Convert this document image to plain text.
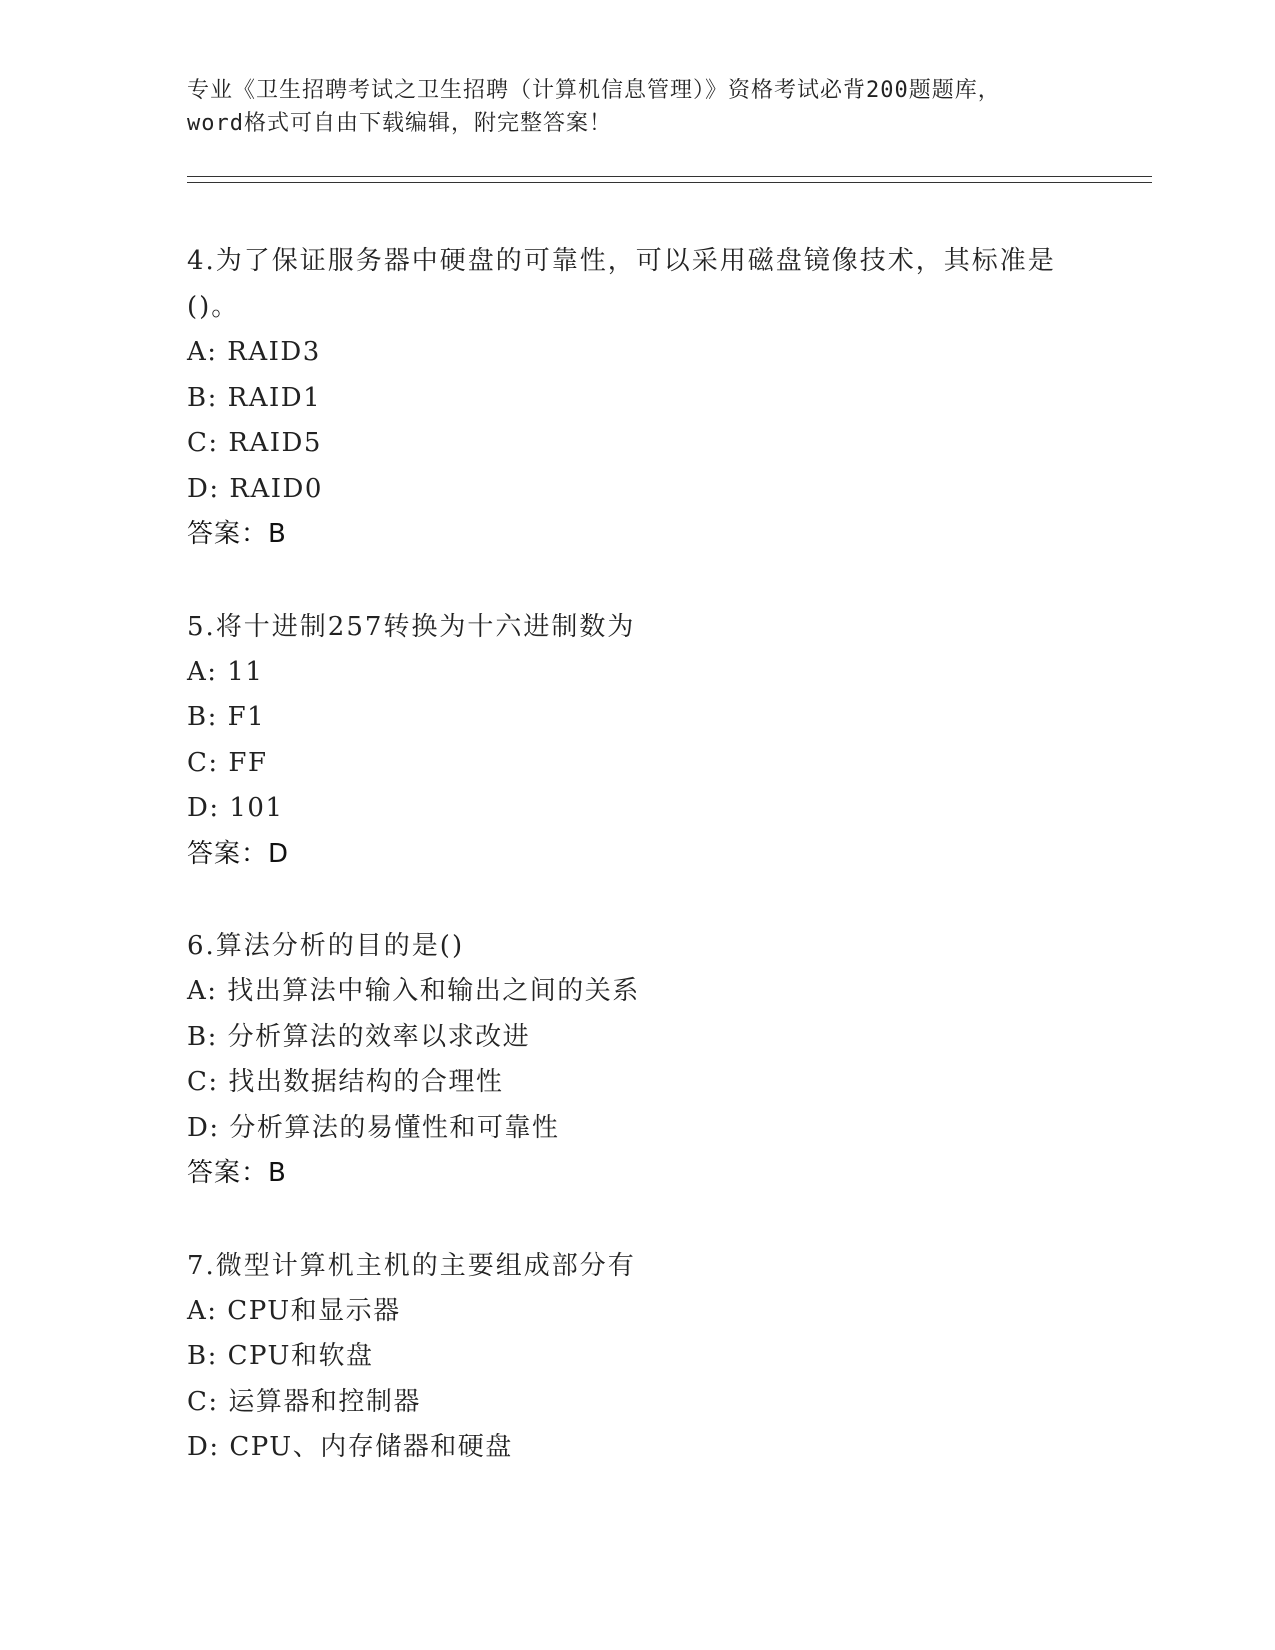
专业《卫生招聘考试之卫生招聘（计算机信息管理）》资格考试必背200题题库，
word格式可自由下载编辑，附完整答案！
4.为了保证服务器中硬盘的可靠性，可以采用磁盘镜像技术，其标准是()。
A: RAID3
B: RAID1
C: RAID5
D: RAID0
答案：B
5.将十进制257转换为十六进制数为
A: 11
B: F1
C: FF
D: 101
答案：D
6.算法分析的目的是()
A: 找出算法中输入和输出之间的关系
B: 分析算法的效率以求改进
C: 找出数据结构的合理性
D: 分析算法的易懂性和可靠性
答案：B
7.微型计算机主机的主要组成部分有
A: CPU和显示器
B: CPU和软盘
C: 运算器和控制器
D: CPU、内存储器和硬盘
